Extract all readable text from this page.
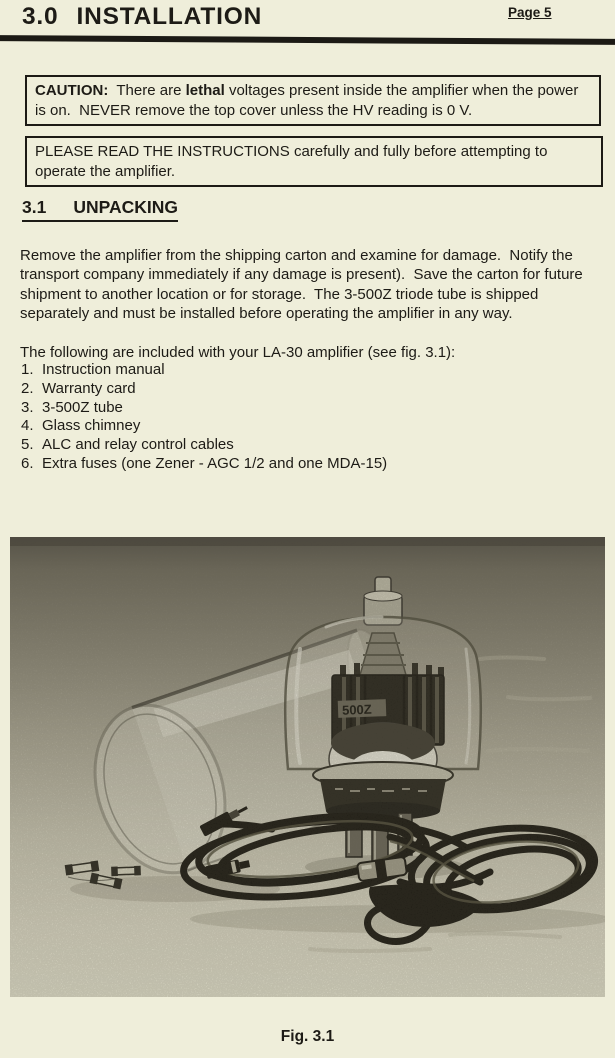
3.0 INSTALLATION	Page 5
CAUTION:  There are lethal voltages present inside the amplifier when the power is on.  NEVER remove the top cover unless the HV reading is 0 V.
PLEASE READ THE INSTRUCTIONS carefully and fully before attempting to operate the amplifier.
3.1 UNPACKING

Remove the amplifier from the shipping carton and examine for damage.  Notify the transport company immediately if any damage is present).  Save the carton for future shipment to another location or for storage.  The 3-500Z triode tube is shipped separately and must be installed before operating the amplifier in any way.

The following are included with your LA-30 amplifier (see fig. 3.1):

1. Instruction manual
2. Warranty card
3. 3-500Z tube
4. Glass chimney
5. ALC and relay control cables
6. Extra fuses (one Zener - AGC 1/2 and one MDA-15)
500Z
Fig. 3.1
